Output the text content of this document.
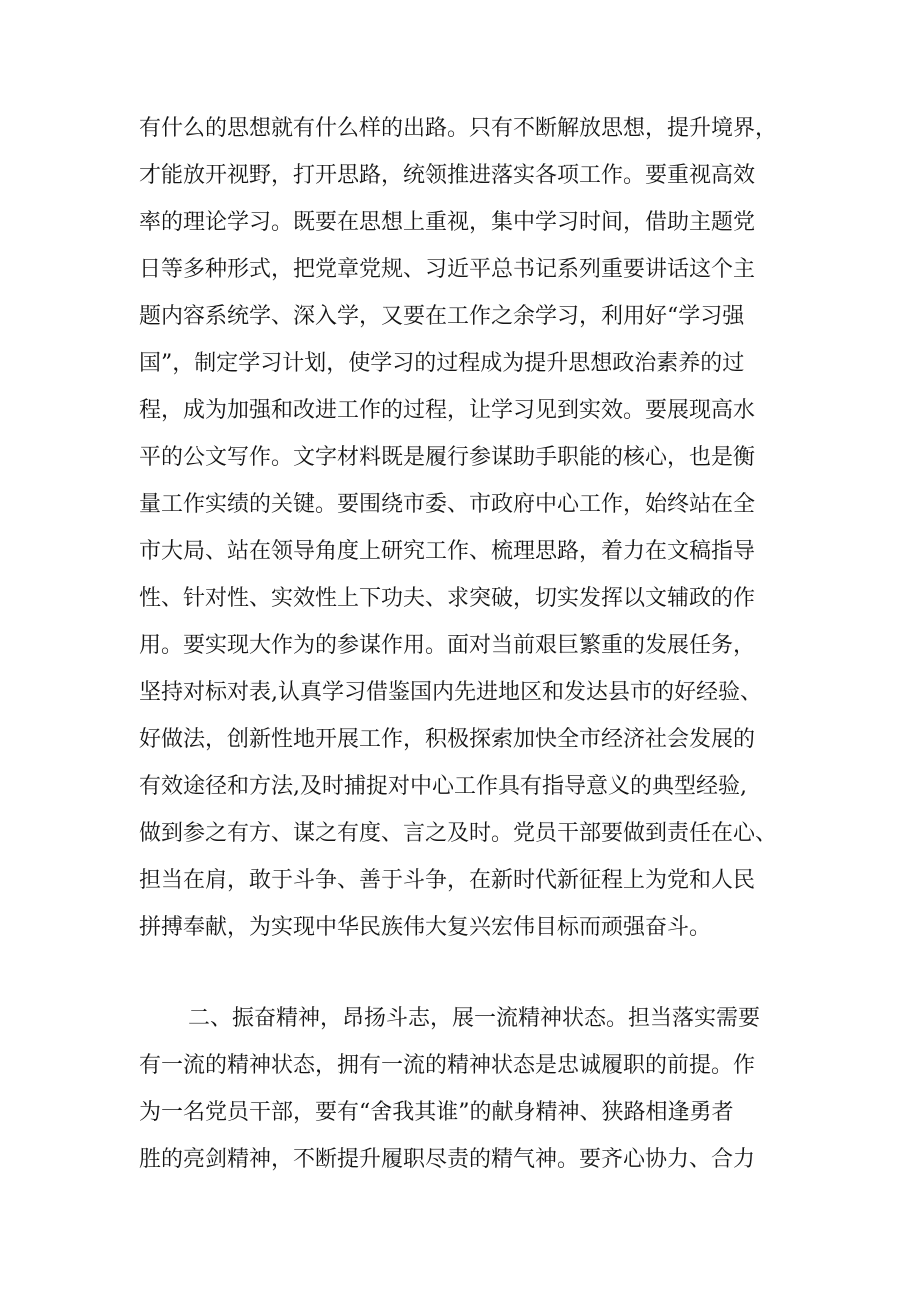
有什么的思想就有什么样的出路。只有不断解放思想，提升境界，
才能放开视野，打开思路，统领推进落实各项工作。要重视高效
率的理论学习。既要在思想上重视，集中学习时间，借助主题党
日等多种形式，把党章党规、习近平总书记系列重要讲话这个主
题内容系统学、深入学，又要在工作之余学习，利用好“学习强
国”，制定学习计划，使学习的过程成为提升思想政治素养的过
程，成为加强和改进工作的过程，让学习见到实效。要展现高水
平的公文写作。文字材料既是履行参谋助手职能的核心，也是衡
量工作实绩的关键。要围绕市委、市政府中心工作，始终站在全
市大局、站在领导角度上研究工作、梳理思路，着力在文稿指导
性、针对性、实效性上下功夫、求突破，切实发挥以文辅政的作
用。要实现大作为的参谋作用。面对当前艰巨繁重的发展任务，
坚持对标对表,认真学习借鉴国内先进地区和发达县市的好经验、
好做法，创新性地开展工作，积极探索加快全市经济社会发展的
有效途径和方法,及时捕捉对中心工作具有指导意义的典型经验,
做到参之有方、谋之有度、言之及时。党员干部要做到责任在心、
担当在肩，敢于斗争、善于斗争，在新时代新征程上为党和人民
拼搏奉献，为实现中华民族伟大复兴宏伟目标而顽强奋斗。
二、振奋精神，昂扬斗志，展一流精神状态。担当落实需要
有一流的精神状态，拥有一流的精神状态是忠诚履职的前提。作
为一名党员干部，要有“舍我其谁”的献身精神、狭路相逢勇者
胜的亮剑精神，不断提升履职尽责的精气神。要齐心协力、合力
